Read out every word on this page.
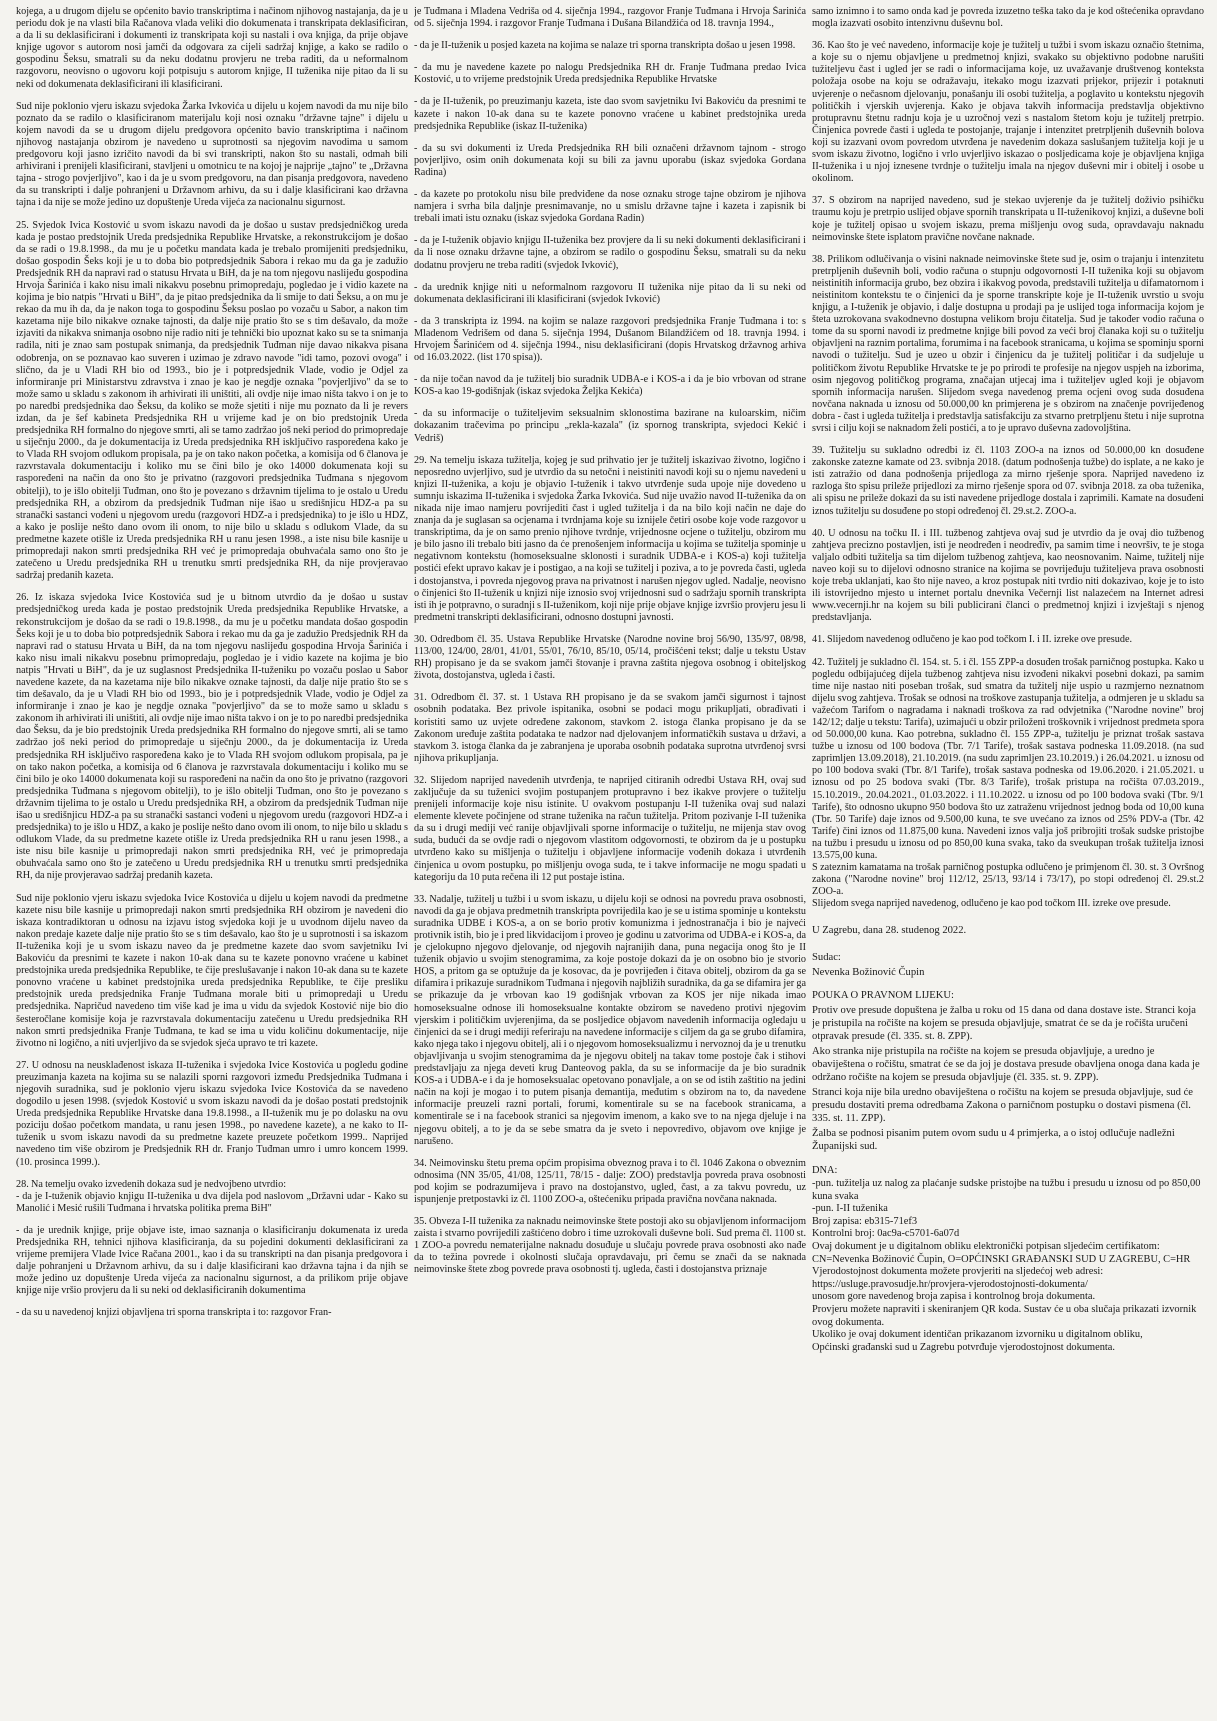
kojega, a u drugom dijelu se općenito bavio transkriptima i načinom njihovog nastajanja, da je u periodu dok je na vlasti bila Račanova vlada veliki dio dokumenata i transkripata deklasificiran, a da li su deklasificirani i dokumenti iz transkripata koji su nastali i ova knjiga, da prije objave knjige ugovor s autorom nosi jamči da odgovara za cijeli sadržaj knjige, a kako se radilo o gospodinu Šeksu, smatrali su da neku dodatnu provjeru ne treba raditi, da u neformalnom razgovoru, neovisno o ugovoru koji potpisuju s autorom knjige, II tuženika nije pitao da li su neki od dokumenata deklasificirani ili klasificirani.

Sud nije poklonio vjeru iskazu svjedoka Žarka Ivkovića u dijelu u kojem navodi da mu nije bilo poznato da se radilo o klasificiranom materijalu koji nosi oznaku "državne tajne" i dijelu u kojem navodi da se u drugom dijelu predgovora općenito bavio transkriptima i načinom njihovog nastajanja obzirom je navedeno u suprotnosti sa njegovim navodima u samom predgovoru koji jasno izričito navodi da bi svi transkripti, nakon što su nastali, odmah bili arhivirani i prenijeli klasificirani, stavljeni u omotnicu te na kojoj je najprije „tajno" te „Državna tajna - strogo povjerljivo", kao i da je u svom predgovoru, na dan pisanja predgovora, navedeno da su transkripti i dalje pohranjeni u Državnom arhivu, da su i dalje klasificirani kao državna tajna i da nije se može jedino uz dopuštenje Ureda vijeća za nacionalnu sigurnost.

25. Svjedok Ivica Kostović u svom iskazu navodi da je došao u sustav predsjedničkog ureda kada je postao predstojnik Ureda predsjednika Republike Hrvatske, a rekonstrukcijom je došao da se radi o 19.8.1998., da mu je u početku mandata kada je trebalo promijeniti predsjedniku, došao gospodin Šeks koji je u to doba bio potpredsjednik Sabora i rekao mu da ga je zadužio Predsjednik RH da napravi rad o statusu Hrvata u BiH, da je na tom njegovu naslijeđu gospodina Hrvoja Šarinića i kako nisu imali nikakvu posebnu primopredaju, pogledao je i vidio kazete na kojima je bio natpis "Hrvati u BiH", da je pitao predsjednika da li smije to dati Šeksu, a on mu je rekao da mu ih da, da je nakon toga to gospodinu Šeksu poslao po vozaču u Sabor, a nakon tim kazetama nije bilo nikakve oznake tajnosti, da dalje nije pratio što se s tim dešavalo, da može izjaviti da nikakva snimanja osobno nije radio niti je tehnički bio upoznat kako su se ta snimanja radila, niti je znao sam postupak snimanja, da predsjednik Tuđman nije davao nikakva pisana odobrenja, on se poznavao kao suveren i uzimao je zdravo navode "idi tamo, pozovi ovoga" i slično, da je u Vladi RH bio od 1993., bio je i potpredsjednik Vlade, vodio je Odjel za informiranje pri Ministarstvu zdravstva i znao je kao je negdje oznaka "povjerljivo" da se to može samo u skladu s zakonom ih arhivirati ili uništiti, ali ovdje nije imao ništa takvo i on je to po naredbi predsjednika dao Šeksu, da koliko se može sjetiti i nije mu poznato da li je revers izdan, da je šef kabineta Predsjednika RH u vrijeme kad je on bio predstojnik Ureda predsjednika RH formalno do njegove smrti, ali se tamo zadržao još neki period do primopredaje u siječnju 2000., da je dokumentacija iz Ureda predsjednika RH isključivo raspoređena kako je to Vlada RH svojom odlukom propisala, pa je on tako nakon početka, a komisija od 6 članova je razvrstavala dokumentaciju i koliko mu se čini bilo je oko 14000 dokumenata koji su raspoređeni na način da ono što je privatno (razgovori predsjednika Tuđmana s njegovom obitelji), to je išlo obitelji Tuđman, ono što je povezano s državnim tijelima to je ostalo u Uredu predsjednika RH, a obzirom da predsjednik Tuđman nije išao u središnjicu HDZ-a pa su stranački sastanci vođeni u njegovom uredu (razgovori HDZ-a i predsjednika) to je išlo u HDZ, a kako je poslije nešto dano ovom ili onom, to nije bilo u skladu s odlukom Vlade, da su predmetne kazete otišle iz Ureda predsjednika RH u ranu jesen 1998., a iste nisu bile kasnije u primopredaji nakon smrti predsjednika RH već je primopredaja obuhvaćala samo ono što je zatečeno u Uredu predsjednika RH u trenutku smrti predsjednika RH, da nije provjeravao sadržaj predanih kazeta.

26. Iz iskaza svjedoka Ivice Kostovića sud je u bitnom utvrdio da je došao u sustav predsjedničkog ureda kada je postao predstojnik Ureda predsjednika Republike Hrvatske, a rekonstrukcijom je došao da se radi o 19.8.1998., da mu je u početku mandata došao gospodin Šeks koji je u to doba bio potpredsjednik Sabora i rekao mu da ga je zadužio Predsjednik RH da napravi rad o statusu Hrvata u BiH, da na tom njegovu naslijeđu gospodina Hrvoja Šarinića i kako nisu imali nikakvu posebnu primopredaju, pogledao je i vidio kazete na kojima je bio natpis "Hrvati u BiH", da je uz suglasnost Predsjednika II-tuženiku po vozaču poslao u Sabor navedene kazete, da na kazetama nije bilo nikakve oznake tajnosti, da dalje nije pratio što se s tim dešavalo, da je u Vladi RH bio od 1993., bio je i potpredsjednik Vlade, vodio je Odjel za informiranje i znao je kao je negdje oznaka "povjerljivo" da se to može samo u skladu s zakonom ih arhivirati ili uništiti, ali ovdje nije imao ništa takvo i on je to po naredbi predsjednika dao Šeksu, da je bio predstojnik Ureda predsjednika RH formalno do njegove smrti, ali se tamo zadržao još neki period do primopredaje u siječnju 2000., da je dokumentacija iz Ureda predsjednika RH isključivo raspoređena kako je to Vlada RH svojom odlukom propisala, pa je on tako nakon početka, a komisija od 6 članova je razvrstavala dokumentaciju i koliko mu se čini bilo je oko 14000 dokumenata koji su raspoređeni na način da ono što je privatno (razgovori predsjednika Tuđmana s njegovom obitelji), to je išlo obitelji Tuđman, ono što je povezano s državnim tijelima to je ostalo u Uredu predsjednika RH, a obzirom da predsjednik Tuđman nije išao u središnjicu HDZ-a pa su stranački sastanci vođeni u njegovom uredu (razgovori HDZ-a i predsjednika) to je išlo u HDZ, a kako je poslije nešto dano ovom ili onom, to nije bilo u skladu s odlukom Vlade, da su predmetne kazete otišle iz Ureda predsjednika RH u ranu jesen 1998., a iste nisu bile kasnije u primopredaji nakon smrti predsjednika RH, već je primopredaja obuhvaćala samo ono što je zatečeno u Uredu predsjednika RH u trenutku smrti predsjednika RH, da nije provjeravao sadržaj predanih kazeta.

Sud nije poklonio vjeru iskazu svjedoka Ivice Kostovića u dijelu u kojem navodi da predmetne kazete nisu bile kasnije u primopredaji nakon smrti predsjednika RH obzirom je navedeni dio iskaza kontradiktoran u odnosu na izjavu istog svjedoka koji je u uvodnom dijelu naveo da nakon predaje kazete dalje nije pratio što se s tim dešavalo, kao što je u suprotnosti i sa iskazom II-tuženika koji je u svom iskazu naveo da je predmetne kazete dao svom savjetniku Ivi Bakoviću da presnimi te kazete i nakon 10-ak dana su te kazete ponovno vraćene u kabinet predstojnika ureda predsjednika Republike, te čije preslušavanje i nakon 10-ak dana su te kazete ponovno vraćene u kabinet predstojnika ureda predsjednika Republike, te čije presliku predstojnik ureda predsjednika Franje Tuđmana morale biti u primopredaji u Uredu predsjednika. Napričud navedeno tim više kad je ima u vidu da svjedok Kostović nije bio dio šesteročlane komisije koja je razvrstavala dokumentaciju zatečenu u Uredu predsjednika RH nakon smrti predsjednika Franje Tuđmana, te kad se ima u vidu količinu dokumentacije, nije životno ni logično, a niti uvjerljivo da se svjedok sjeća upravo te tri kazete.

27. U odnosu na neusklađenost iskaza II-tuženika i svjedoka Ivice Kostovića u pogledu godine preuzimanja kazeta na kojima su se nalazili sporni razgovori između Predsjednika Tuđmana i njegovih suradnika, sud je poklonio vjeru iskazu svjedoka Ivice Kostovića da se navedeno dogodilo u jesen 1998. (svjedok Kostović u svom iskazu navodi da je došao postati predstojnik Ureda predsjednika Republike Hrvatske dana 19.8.1998., a II-tuženik mu je po dolasku na ovu poziciju došao početkom mandata, u ranu jesen 1998., po navedene kazete), a ne kako to II-tuženik u svom iskazu navodi da su predmetne kazete preuzete početkom 1999.. Naprijed navedeno tim više obzirom je Predsjednik RH dr. Franjo Tuđman umro i umro koncem 1999. (10. prosinca 1999.).

28. Na temelju ovako izvedenih dokaza sud je nedvojbeno utvrdio:
- da je I-tuženik objavio knjigu II-tuženika u dva dijela pod naslovom „Državni udar - Kako su Manolić i Mesić rušili Tuđmana i hrvatska politika prema BiH"

- da je urednik knjige, prije objave iste, imao saznanja o klasificiranju dokumenata iz ureda Predsjednika RH, tehnici njihova klasificiranja, da su pojedini dokumenti deklasificirani za vrijeme premijera Vlade Ivice Račana 2001., kao i da su transkripti na dan pisanja predgovora i dalje pohranjeni u Državnom arhivu, da su i dalje klasificirani kao državna tajna i da njih se može jedino uz dopuštenje Ureda vijeća za nacionalnu sigurnost, a da prilikom prije objave knjige nije vršio provjeru da li su neki od deklasificiranih dokumentima

- da su u navedenoj knjizi objavljena tri sporna transkripta i to: razgovor Fran-

je Tuđmana i Mladena Vedriša od 4. siječnja 1994., razgovor Franje Tuđmana i Hrvoja Šarinića od 5. siječnja 1994. i razgovor Franje Tuđmana i Dušana Bilandžića od 18. travnja 1994.,

- da je II-tuženik u posjed kazeta na kojima se nalaze tri sporna transkripta došao u jesen 1998.

- da mu je navedene kazete po nalogu Predsjednika RH dr. Franje Tuđmana predao Ivica Kostović, u to vrijeme predstojnik Ureda predsjednika Republike Hrvatske

- da je II-tuženik, po preuzimanju kazeta, iste dao svom savjetniku Ivi Bakoviću da presnimi te kazete i nakon 10-ak dana su te kazete ponovno vraćene u kabinet predstojnika ureda predsjednika Republike (iskaz II-tuženika)

- da su svi dokumenti iz Ureda Predsjednika RH bili označeni državnom tajnom - strogo povjerljivo, osim onih dokumenata koji su bili za javnu uporabu (iskaz svjedoka Gordana Radina)

- da kazete po protokolu nisu bile predviđene da nose oznaku stroge tajne obzirom je njihova namjera i svrha bila daljnje presnimavanje, no u smislu državne tajne i kazeta i zapisnik bi trebali imati istu oznaku (iskaz svjedoka Gordana Radin)

- da je I-tuženik objavio knjigu II-tuženika bez provjere da li su neki dokumenti deklasificirani i da li nose oznaku državne tajne, a obzirom se radilo o gospodinu Šeksu, smatrali su da neku dodatnu provjeru ne treba raditi (svjedok Ivković),

- da urednik knjige niti u neformalnom razgovoru II tuženika nije pitao da li su neki od dokumenata deklasificirani ili klasificirani (svjedok Ivković)

- da 3 transkripta iz 1994. na kojim se nalaze razgovori predsjednika Franje Tuđmana i to: s Mladenom Vedrišem od dana 5. siječnja 1994, Dušanom Bilandžićem od 18. travnja 1994. i Hrvojem Šarinićem od 4. siječnja 1994., nisu deklasificirani (dopis Hrvatskog državnog arhiva od 16.03.2022. (list 170 spisa)).

- da nije točan navod da je tužitelj bio suradnik UDBA-e i KOS-a i da je bio vrbovan od strane KOS-a kao 19-godišnjak (iskaz svjedoka Željka Kekića)

- da su informacije o tužiteljevim seksualnim sklonostima bazirane na kuloarskim, ničim dokazanim trаčevima po principu „rekla-kazala" (iz spornog transkripta, svjedoci Kekić i Vedriš)

29. Na temelju iskaza tužitelja, kojeg je sud prihvatio jer je tužitelj iskazivao životno, logično i neposredno uvjerljivo, sud je utvrdio da su netočni i neistiniti navodi koji su o njemu navedeni u knjizi II-tuženika, a koju je objavio I-tuženik i takvo utvrđenje suda upoje nije dovedeno u sumnju iskazima II-tuženika i svjedoka Žarka Ivkovića. Sud nije uvažio navod II-tuženika da on nikada nije imao namjeru povrijediti čast i ugled tužitelja i da na bilo koji način ne daje do znanja da je suglasan sa ocjenama i tvrdnjama koje su iznijele četiri osobe koje vode razgovor u transkriptima, da je on samo prenio njihove tvrdnje, vrijednosne ocjene o tužitelju, obzirom mu je bilo jasno ili trebalo biti jasno da će prenošenjem informacija u kojima se tužitelja spominje u negativnom kontekstu (homoseksualne sklonosti i suradnik UDBA-e i KOS-a) koji tužitelja postići efekt upravo kakav je i postigao, a na koji se tužitelj i poziva, a to je povreda časti, ugleda i dostojanstva, i povreda njegovog prava na privatnost i narušen njegov ugled. Nadalje, neovisno o činjenici što II-tuženik u knjizi nije iznosio svoj vrijednosni sud o sadržaju spornih transkripta isti ih je potpravno, o suradnji s II-tuženikom, koji nije prije objave knjige izvršio provjeru jesu li predmetni transkripti deklasificirani, odnosno dostupni javnosti.

30. Odredbom čl. 35. Ustava Republike Hrvatske (Narodne novine broj 56/90, 135/97, 08/98, 113/00, 124/00, 28/01, 41/01, 55/01, 76/10, 85/10, 05/14, pročišćeni tekst; dalje u tekstu Ustav RH) propisano je da se svakom jamči štovanje i pravna zaštita njegova osobnog i obiteljskog života, dostojanstva, ugleda i časti.

31. Odredbom čl. 37. st. 1 Ustava RH propisano je da se svakom jamči sigurnost i tajnost osobnih podataka. Bez privole ispitanika, osobni se podaci mogu prikupljati, obrađivati i koristiti samo uz uvjete određene zakonom, stavkom 2. istoga članka propisano je da se Zakonom uređuje zaštita podataka te nadzor nad djelovanjem informatičkih sustava u državi, a stavkom 3. istoga članka da je zabranjena je uporaba osobnih podataka suprotna utvrđenoj svrsi njihova prikupljanja.

32. Slijedom naprijed navedenih utvrđenja, te naprijed citiranih odredbi Ustava RH, ovaj sud zaključuje da su tuženici svojim postupanjem protupravno i bez ikakve provjere o tužitelju prenijeli informacije koje nisu istinite. U ovakvom postupanju I-II tuženika ovaj sud nalazi elemente klevete počinjene od strane tuženika na račun tužitelja. Pritom pozivanje I-II tuženika da su i drugi mediji već ranije objavljivali sporne informacije o tužitelju, ne mijenja stav ovog suda, budući da se ovdje radi o njegovom vlastitom odgovornosti, te obzirom da je u postupku utvrđeno kako su mišljenja o tužitelju i objavljene informacije vođenih dokaza i utvrđenih činjenica u ovom postupku, po mišljenju ovoga suda, te i takve informacije ne mogu spadati u kategoriju da 10 puta rečena ili 12 put postaje istina.

33. Nadalje, tužitelj u tužbi i u svom iskazu, u dijelu koji se odnosi na povredu prava osobnosti, navodi da ga je objava predmetnih transkripta povrijedila kao je se u istima spominje u kontekstu suradnika UDBE i KOS-a, a on se borio protiv komunizma i jednostranačja i bio je najveći protivnik istih, bio je i pred likvidacijom i proveo je godinu u zatvorima od UDBA-e i KOS-a, da je cjelokupno njegovo djelovanje, od njegovih najranijih dana, puna negacija onog što je II tuženik objavio u svojim stenogramima, za koje postoje dokazi da je on osobno bio je stvorio HOS, a pritom ga se optužuje da je kosovac, da je povrijeđen i čitava obitelj, obzirom da ga se difamira i prikazuje suradnikom Tuđmana i njegovih najbližih suradnika, da ga se difamira jer ga se prikazuje da je vrbovan kao 19 godišnjak vrbovan za KOS jer nije nikada imao homoseksualne odnose ili homoseksualne kontakte obzirom se navedeno protivi njegovim vjerskim i političkim uvjerenjima, da se posljedice objavom navedenih informacija ogledaju u činjenici da se i drugi mediji referiraju na navedene informacije s ciljem da ga se grubo difamira, kako njega tako i njegovu obitelj, ali i o njegovom homoseksualizmu i nervoznoj da je u trenutku objavljivanja u svojim stenogramima da je njegovu obitelj na takav tome postoje čak i stihovi predstavljaju za njega deveti krug Danteovog pakla, da su se informacije da je bio suradnik KOS-a i UDBA-e i da je homoseksualac opetovano ponavljale, a on se od istih zaštitio na jedini način na koji je mogao i to putem pisanja demantija, međutim s obzirom na to, da navedene informacije preuzeli razni portali, forumi, komentirale su se na facebook stranicama, a komentirale se i na facebook stranici sa njegovim imenom, a kako sve to na njega djeluje i na njegovu obitelj, a to je da se sebe smatra da je sveto i nepovredivo, objavom ove knjige je narušeno.

34. Neimovinsku štetu prema općim propisima obveznog prava i to čl. 1046 Zakona o obveznim odnosima (NN 35/05, 41/08, 125/11, 78/15 - dalje: ZOO) predstavlja povreda prava osobnosti pod kojim se podrazumijeva i pravo na dostojanstvo, ugled, čast, a za takvu povredu, uz ispunjenje pretpostavki iz čl. 1100 ZOO-a, oštećeniku pripada pravična novčana naknada.

35. Obveza I-II tuženika za naknadu neimovinske štete postoji ako su objavljenom informacijom zaista i stvarno povrijedili zaštićeno dobro i time uzrokovali duševne boli. Sud prema čl. 1100 st. 1 ZOO-a povredu nematerijalne naknadu dosuđuje u slučaju povrede prava osobnosti ako nađe da to težina povrede i okolnosti slučaja opravdavaju, pri čemu se znači da se naknada neimovinske štete zbog povrede prava osobnosti tj. ugleda, časti i dostojanstva priznaje

samo iznimno i to samo onda kad je povreda izuzetno teška tako da je kod oštećenika opravdano mogla izazvati osobito intenzivnu duševnu bol.

36. Kao što je već navedeno, informacije koje je tužitelj u tužbi i svom iskazu označio štetnima, a koje su o njemu objavljene u predmetnoj knjizi, svakako su objektivno podobne narušiti tužiteljevu čast i ugled jer se radi o informacijama koje, uz uvažavanje društvenog konteksta položaja osobe na koju se odražavaju, itekako mogu izazvati prijekor, prijezir i potaknuti uvjerenje o nečasnom djelovanju, ponašanju ili osobi tužitelja, a poglavito u kontekstu njegovih političkih i vjerskih uvjerenja. Kako je objava takvih informacija predstavlja objektivno protupravnu štetnu radnju koja je u uzročnoj vezi s nastalom štetom koju je tužitelj pretrpio. Činjenica povrede časti i ugleda te postojanje, trajanje i intenzitet pretrpljenih duševnih bolova koji su izazvani ovom povredom utvrđena je navedenim dokaza saslušanjem tužitelja koji je u svom iskazu životno, logično i vrlo uvjerljivo iskazao o posljedicama koje je objavljena knjiga II-tuženika i u njoj iznesene tvrdnje o tužitelju imala na njegov duševni mir i obitelj i osobe u okolinom.

37. S obzirom na naprijed navedeno, sud je stekao uvjerenje da je tužitelj doživio psihičku traumu koju je pretrpio uslijed objave spornih transkripata u II-tuženikovoj knjizi, a duševne boli koje je tužitelj opisao u svojem iskazu, prema mišljenju ovog suda, opravdavaju naknadu neimovinske štete isplatom pravične novčane naknade.

38. Prilikom odlučivanja o visini naknade neimovinske štete sud je, osim o trajanju i intenzitetu pretrpljenih duševnih boli, vodio računa o stupnju odgovornosti I-II tuženika koji su objavom neistinitih informacija grubo, bez obzira i ikakvog povoda, predstavili tužitelja u difamatornom i neistinitom kontekstu te o činjenici da je sporne transkripte koje je II-tuženik uvrstio u svoju knjigu, a I-tuženik je objavio, i dalje dostupna u prodaji pa je uslijed toga informacija kojom je šteta uzrokovana svakodnevno dostupna velikom broju čitatelja. Sud je također vodio računa o tome da su sporni navodi iz predmetne knjige bili povod za veći broj članaka koji su o tužitelju objavljeni na raznim portalima, forumima i na facebook stranicama, u kojima se spominju sporni navodi o tužitelju. Sud je uzeo u obzir i činjenicu da je tužitelj političar i da sudjeluje u političkom životu Republike Hrvatske te je po prirodi te profesije na njegov uspjeh na izborima, osim njegovog političkog programa, značajan utjecaj ima i tužiteljev ugled koji je objavom spornih informacija narušen. Slijedom svega navedenog prema ocjeni ovog suda dosuđena novčana naknada u iznosu od 50.000,00 kn primjerena je s obzirom na značenje povrijeđenog dobra - čast i ugleda tužitelja i predstavlja satisfakciju za stvarno pretrpljenu štetu i nije suprotna svrsi i cilju koji se naknadom želi postići, a to je upravo duševna zadovoljština.

39. Tužitelju su sukladno odredbi iz čl. 1103 ZOO-a na iznos od 50.000,00 kn dosuđene zakonske zatezne kamate od 23. svibnja 2018. (datum podnošenja tužbe) do isplate, a ne kako je isti zatražio od dana podnošenja prijedloga za mirno rješenje spora. Naprijed navedeno iz razloga što spisu prileže prijedlozi za mirno rješenje spora od 07. svibnja 2018. za oba tuženika, ali spisu ne prileže dokazi da su isti navedene prijedloge dostala i zaprimili. Kamate na dosuđeni iznos tužitelju su dosuđene po stopi određenoj čl. 29.st.2. ZOO-a.

40. U odnosu na točku II. i III. tužbenog zahtjeva ovaj sud je utvrdio da je ovaj dio tužbenog zahtjeva precizno postavljen, isti je neodređen i neodređiv, pa samim time i neovršiv, te je stoga valjalo odbiti tužitelja sa tim dijelom tužbenog zahtjeva, kao neosnovanim. Naime, tužitelj nije naveo koji su to dijelovi odnosno stranice na kojima se povrijeđuju tužiteljeva prava osobnosti koje treba uklanjati, kao što nije naveo, a kroz postupak niti tvrdio niti dokazivao, koje je to isto ili istovrijedno mjesto u internet portalu dnevnika Večernji list nalazećem na Internet adresi www.vecernji.hr na kojem su bili publicirani članci o predmetnoj knjizi i izvještaji s njenog predstavljanja.

41. Slijedom navedenog odlučeno je kao pod točkom I. i II. izreke ove presude.

42. Tužitelj je sukladno čl. 154. st. 5. i čl. 155 ZPP-a dosuđen trošak parničnog postupka. Kako u pogledu odbijajućeg dijela tužbenog zahtjeva nisu izvođeni nikakvi posebni dokazi, pa samim time nije nastao niti poseban trošak, sud smatra da tužitelj nije uspio u razmjerno neznatnom dijelu svog zahtjeva. Trošak se odnosi na troškove zastupanja tužitelja, a odmjeren je u skladu sa važećom Tarifom o nagradama i naknadi troškova za rad odvjetnika ("Narodne novine" broj 142/12; dalje u tekstu: Tarifa), uzimajući u obzir priloženi troškovnik i vrijednost predmeta spora od 50.000,00 kuna. Kao potrebna, sukladno čl. 155 ZPP-a, tužitelju je priznat trošak sastava tužbe u iznosu od 100 bodova (Tbr. 7/1 Tarife), trošak sastava podneska 11.09.2018. (na sud zaprimljen 13.09.2018), 21.10.2019. (na sudu zaprimljen 23.10.2019.) i 26.04.2021. u iznosu od po 100 bodova svaki (Tbr. 8/1 Tarife), trošak sastava podneska od 19.06.2020. i 21.05.2021. u iznosu od po 25 bodova svaki (Tbr. 8/3 Tarife), trošak pristupa na ročišta 07.03.2019., 15.10.2019., 20.04.2021., 01.03.2022. i 11.10.2022. u iznosu od po 100 bodova svaki (Tbr. 9/1 Tarife), što odnosno ukupno 950 bodova što uz zatraženu vrijednost jednog boda od 10,00 kuna (Tbr. 50 Tarife) daje iznos od 9.500,00 kuna, te sve uvećano za iznos od 25% PDV-a (Tbr. 42 Tarife) čini iznos od 11.875,00 kuna. Navedeni iznos valja još pribrojiti trošak sudske pristojbe na tužbu i presudu u iznosu od po 850,00 kuna svaka, tako da sveukupan trošak tužitelja iznosi 13.575,00 kuna.
S zateznim kamatama na trošak parničnog postupka odlučeno je primjenom čl. 30. st. 3 Ovršnog zakona ("Narodne novine" broj 112/12, 25/13, 93/14 i 73/17), po stopi određenoj čl. 29.st.2 ZOO-a.
Slijedom svega naprijed navedenog, odlučeno je kao pod točkom III. izreke ove presude.

U Zagrebu, dana 28. studenog 2022.
Sudac:
Nevenka Božinović Čupin
POUKA O PRAVNOM LIJEKU:
Protiv ove presude dopuštena je žalba u roku od 15 dana od dana dostave iste. Stranci koja je pristupila na ročište na kojem se presuda objavljuje, smatrat će se da je ročišta uručeni otpravak presude (čl. 335. st. 8. ZPP).
Ako stranka nije pristupila na ročište na kojem se presuda objavljuje, a uredno je obaviještena o ročištu, smatrat će se da joj je dostava presude obavljena onoga dana kada je održano ročište na kojem se presuda objavljuje (čl. 335. st. 9. ZPP).
Stranci koja nije bila uredno obaviještena o ročištu na kojem se presuda objavljuje, sud će presudu dostaviti prema odredbama Zakona o parničnom postupku o dostavi pismena (čl. 335. st. 11. ZPP).
Žalba se podnosi pisanim putem ovom sudu u 4 primjerka, a o istoj odlučuje nadležni Županijski sud.
DNA:
-pun. tužitelja uz nalog za plaćanje sudske pristojbe na tužbu i presudu u iznosu od po 850,00 kuna svaka
-pun. I-II tuženika
Broj zapisa: eb315-71ef3
Kontrolni broj: 0ac9a-c5701-6a07d
Ovaj dokument je u digitalnom obliku elektronički potpisan sljedećim certifikatom:
CN=Nevenka Božinović Čupin, O=OPĆINSKI GRAĐANSKI SUD U ZAGREBU, C=HR
Vjerodostojnost dokumenta možete provjeriti na sljedećoj web adresi:
https://usluge.pravosudje.hr/provjera-vjerodostojnosti-dokumenta/
unosom gore navedenog broja zapisa i kontrolnog broja dokumenta.
Provjeru možete napraviti i skeniranjem QR koda. Sustav će u oba slučaja prikazati izvornik ovog dokumenta.
Ukoliko je ovaj dokument identičan prikazanom izvorniku u digitalnom obliku,
Općinski građanski sud u Zagrebu potvrđuje vjerodostojnost dokumenta.
